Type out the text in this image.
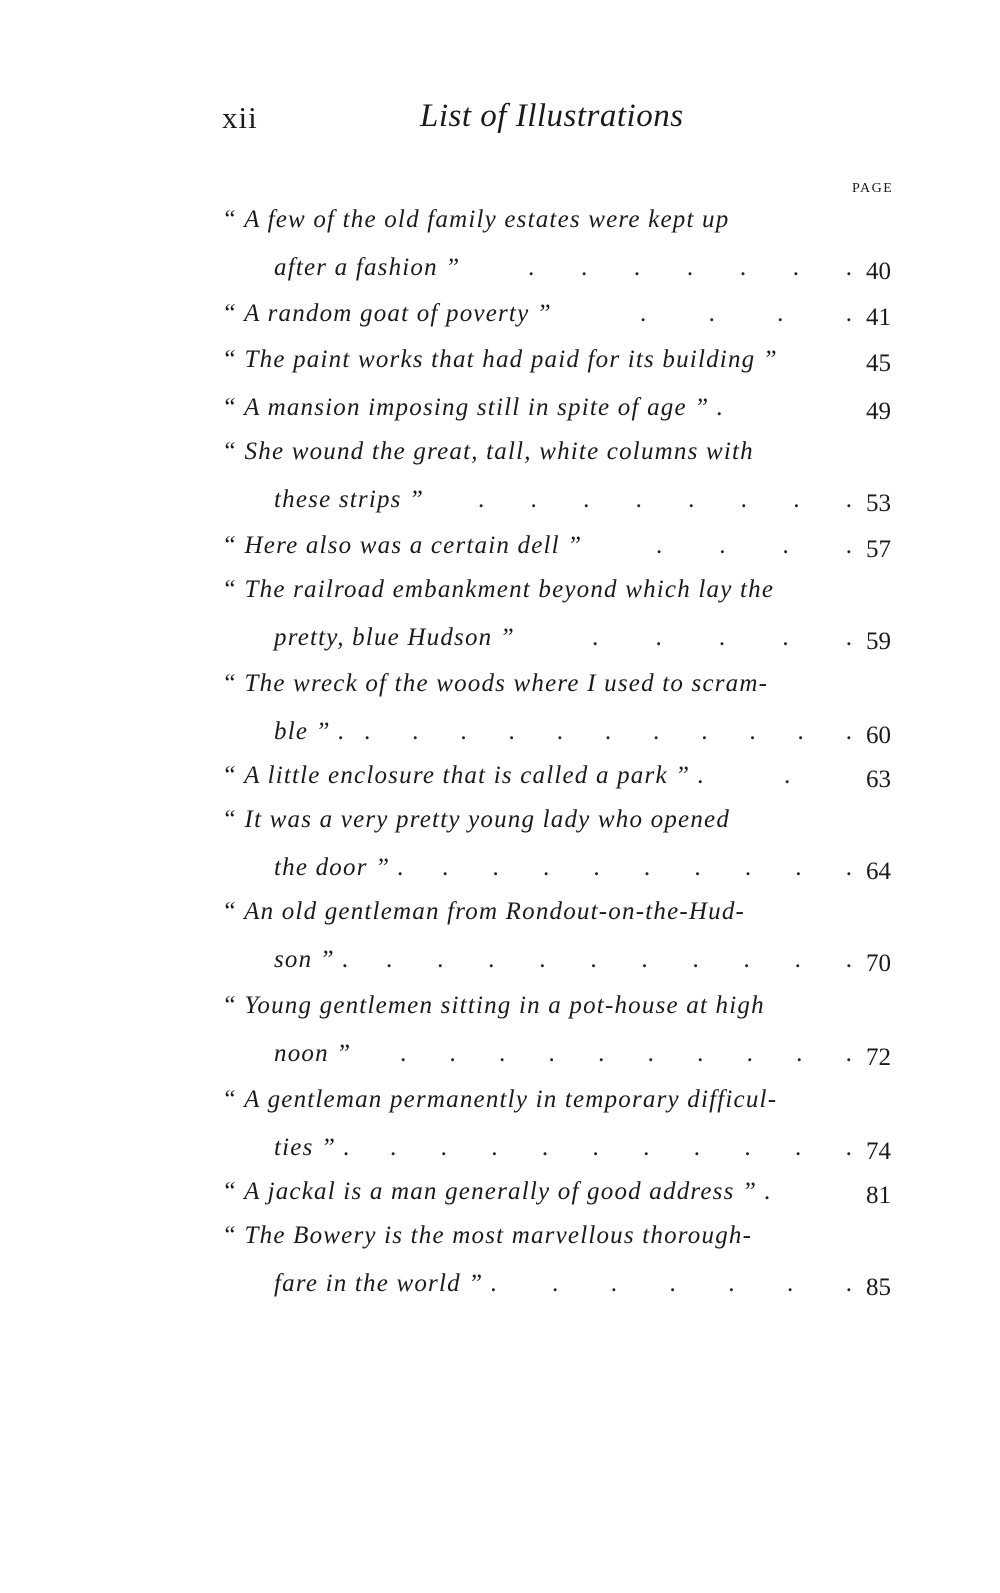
xii	List of Illustrations
PAGE
“ A few of the old family estates were kept up
after a fashion ”	. . . . . . . 40
“ A random goat of poverty ”	. . . . 41
“ The paint works that had paid for its building ”	45
“ A mansion imposing still in spite of age ” .	49
“ She wound the great, tall, white columns with
these strips ” . . . . . . . . 53
“ Here also was a certain dell ”	. . . . 57
“ The railroad embankment beyond which lay the
pretty, blue Hudson ”	. . . . . 59
“ The wreck of the woods where I used to scram-
ble ” . . . . . . . . . . . . 60
“ A little enclosure that is called a park ” .	.	63
“ It was a very pretty young lady who opened
the door ” . . . . . . . . . . 64
“ An old gentleman from Rondout-on-the-Hud-
son ” . . . . . . . . . . . 70
“ Young gentlemen sitting in a pot-house at high
noon ” . . . . . . . . . . 72
“ A gentleman permanently in temporary difficul-
ties ” . . . . . . . . . . . 74
“ A jackal is a man generally of good address ” .	81
“ The Bowery is the most marvellous thorough-
fare in the world ” . . . . . . . 85
